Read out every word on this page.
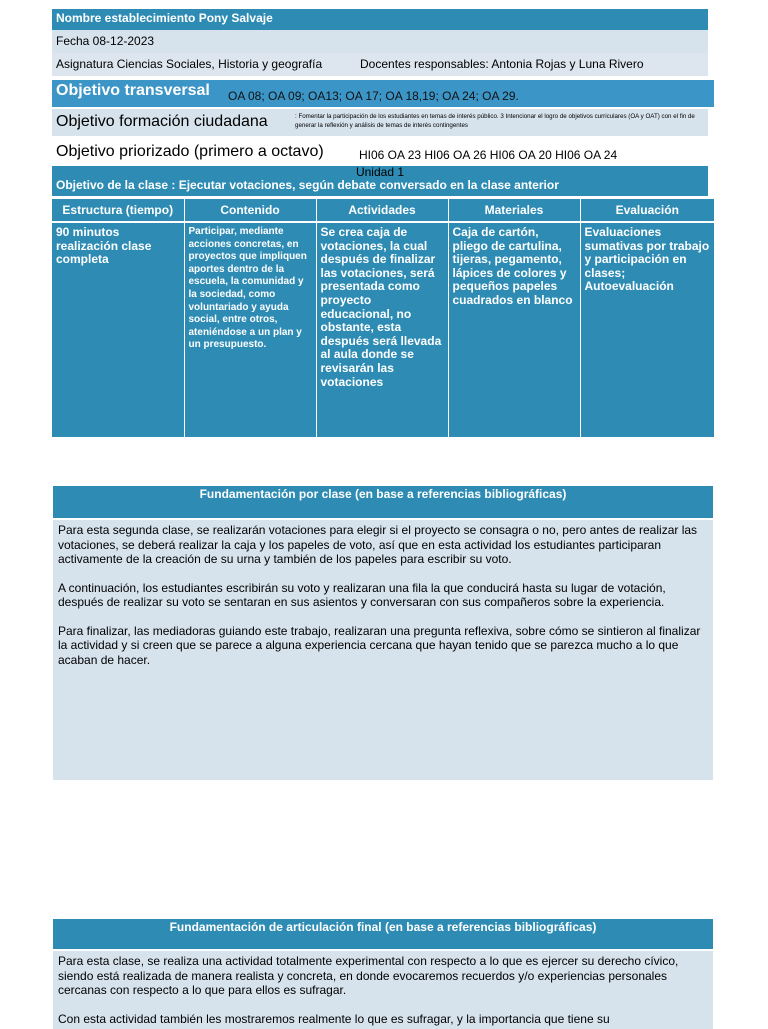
Nombre establecimiento Pony Salvaje
Fecha 08-12-2023
Asignatura Ciencias Sociales, Historia y geografía	Docentes responsables: Antonia Rojas y Luna Rivero
Objetivo transversal OA 08; OA 09; OA13; OA 17; OA 18,19; OA 24; OA 29.
Objetivo formación ciudadana	: Fomentar la participación de los estudiantes en temas de interés público. 3 Intencionar el logro de objetivos curriculares (OA y OAT) con el fin de generar la reflexión y análisis de temas de interés contingentes
Objetivo priorizado (primero a octavo)	HI06 OA 23 HI06 OA 26 HI06 OA 20 HI06 OA 24
Unidad 1
Objetivo de la clase : Ejecutar votaciones, según debate conversado en la clase anterior
Estructura (tiempo)	Contenido	Actividades	Materiales	Evaluación
90 minutos realización clase completa	Participar, mediante acciones concretas, en proyectos que impliquen aportes dentro de la escuela, la comunidad y la sociedad, como voluntariado y ayuda social, entre otros, ateniéndose a un plan y un presupuesto.	Se crea caja de votaciones, la cual después de finalizar las votaciones, será presentada como proyecto educacional, no obstante, esta después será llevada al aula donde se revisarán las votaciones	Caja de cartón, pliego de cartulina, tijeras, pegamento, lápices de colores y pequeños papeles cuadrados en blanco	Evaluaciones sumativas por trabajo y participación en clases; Autoevaluación
Fundamentación por clase (en base a referencias bibliográficas)

Para esta segunda clase, se realizarán votaciones para elegir si el proyecto se consagra o no, pero antes de realizar las votaciones, se deberá realizar la caja y los papeles de voto, así que en esta actividad los estudiantes participaran activamente de la creación de su urna y también de los papeles para escribir su voto.

A continuación, los estudiantes escribirán su voto y realizaran una fila la que conducirá hasta su lugar de votación, después de realizar su voto se sentaran en sus asientos y conversaran con sus compañeros sobre la experiencia.

Para finalizar, las mediadoras guiando este trabajo, realizaran una pregunta reflexiva, sobre cómo se sintieron al finalizar la actividad y si creen que se parece a alguna experiencia cercana que hayan tenido que se parezca mucho a lo que acaban de hacer.

Fundamentación de articulación final (en base a referencias bibliográficas)

Para esta clase, se realiza una actividad totalmente experimental con respecto a lo que es ejercer su derecho cívico, siendo está realizada de manera realista y concreta, en donde evocaremos recuerdos y/o experiencias personales cercanas con respecto a lo que para ellos es sufragar.

Con esta actividad también les mostraremos realmente lo que es sufragar, y la importancia que tiene su
